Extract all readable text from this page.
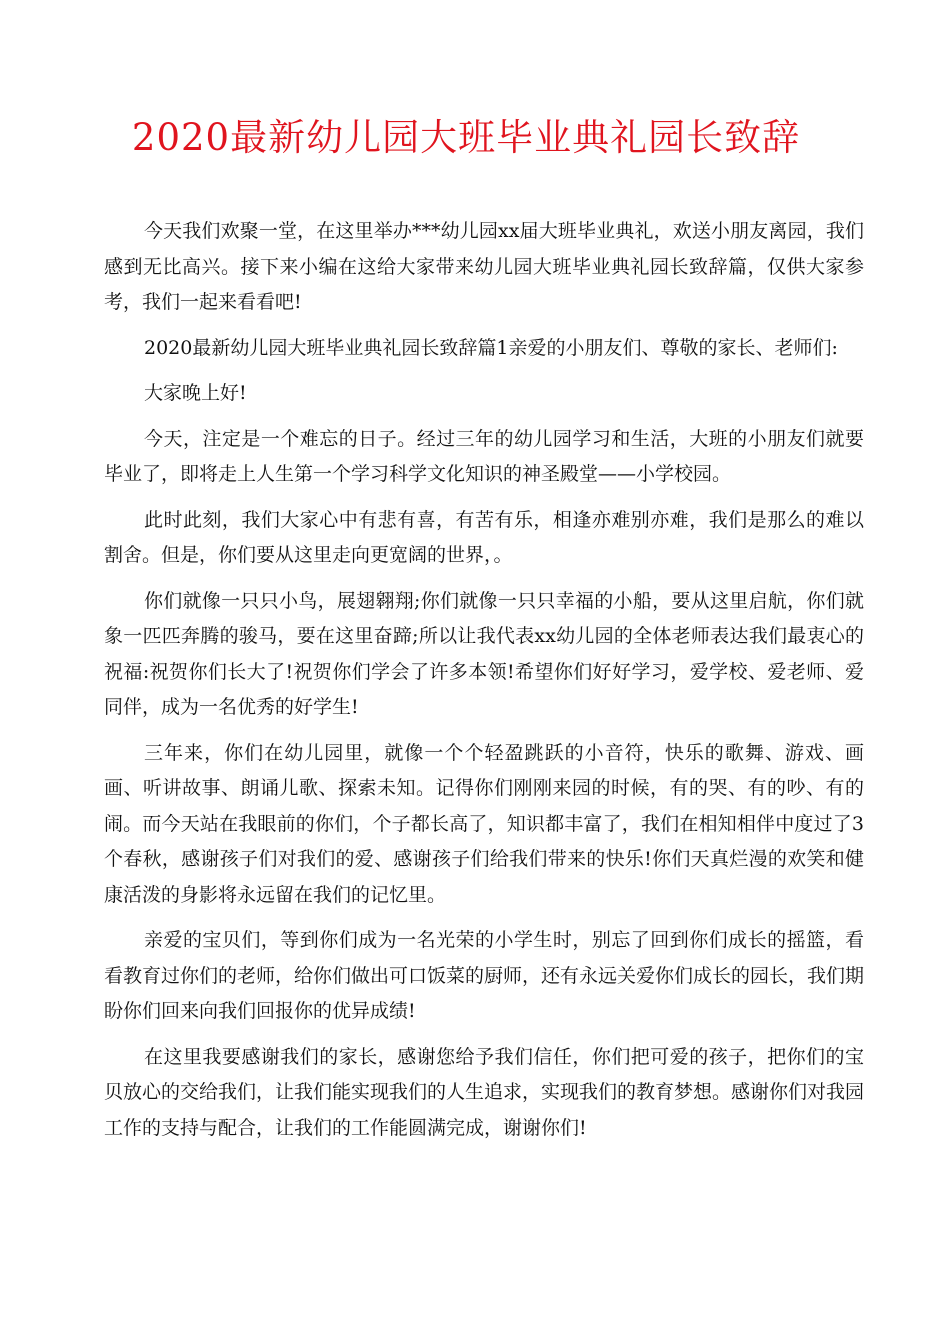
2020最新幼儿园大班毕业典礼园长致辞

今天我们欢聚一堂，在这里举办***幼儿园xx届大班毕业典礼，欢送小朋友离园，我们感到无比高兴。接下来小编在这给大家带来幼儿园大班毕业典礼园长致辞篇，仅供大家参考，我们一起来看看吧!

2020最新幼儿园大班毕业典礼园长致辞篇1亲爱的小朋友们、尊敬的家长、老师们:

大家晚上好!

今天，注定是一个难忘的日子。经过三年的幼儿园学习和生活，大班的小朋友们就要毕业了，即将走上人生第一个学习科学文化知识的神圣殿堂——小学校园。

此时此刻，我们大家心中有悲有喜，有苦有乐，相逢亦难别亦难，我们是那么的难以割舍。但是，你们要从这里走向更宽阔的世界，。

你们就像一只只小鸟，展翅翱翔;你们就像一只只幸福的小船，要从这里启航，你们就象一匹匹奔腾的骏马，要在这里奋蹄;所以让我代表xx幼儿园的全体老师表达我们最衷心的祝福:祝贺你们长大了!祝贺你们学会了许多本领!希望你们好好学习，爱学校、爱老师、爱同伴，成为一名优秀的好学生!

三年来，你们在幼儿园里，就像一个个轻盈跳跃的小音符，快乐的歌舞、游戏、画画、听讲故事、朗诵儿歌、探索未知。记得你们刚刚来园的时候，有的哭、有的吵、有的闹。而今天站在我眼前的你们，个子都长高了，知识都丰富了，我们在相知相伴中度过了3个春秋，感谢孩子们对我们的爱、感谢孩子们给我们带来的快乐!你们天真烂漫的欢笑和健康活泼的身影将永远留在我们的记忆里。

亲爱的宝贝们，等到你们成为一名光荣的小学生时，别忘了回到你们成长的摇篮，看看教育过你们的老师，给你们做出可口饭菜的厨师，还有永远关爱你们成长的园长，我们期盼你们回来向我们回报你的优异成绩!

在这里我要感谢我们的家长，感谢您给予我们信任，你们把可爱的孩子，把你们的宝贝放心的交给我们，让我们能实现我们的人生追求，实现我们的教育梦想。感谢你们对我园工作的支持与配合，让我们的工作能圆满完成，谢谢你们!
